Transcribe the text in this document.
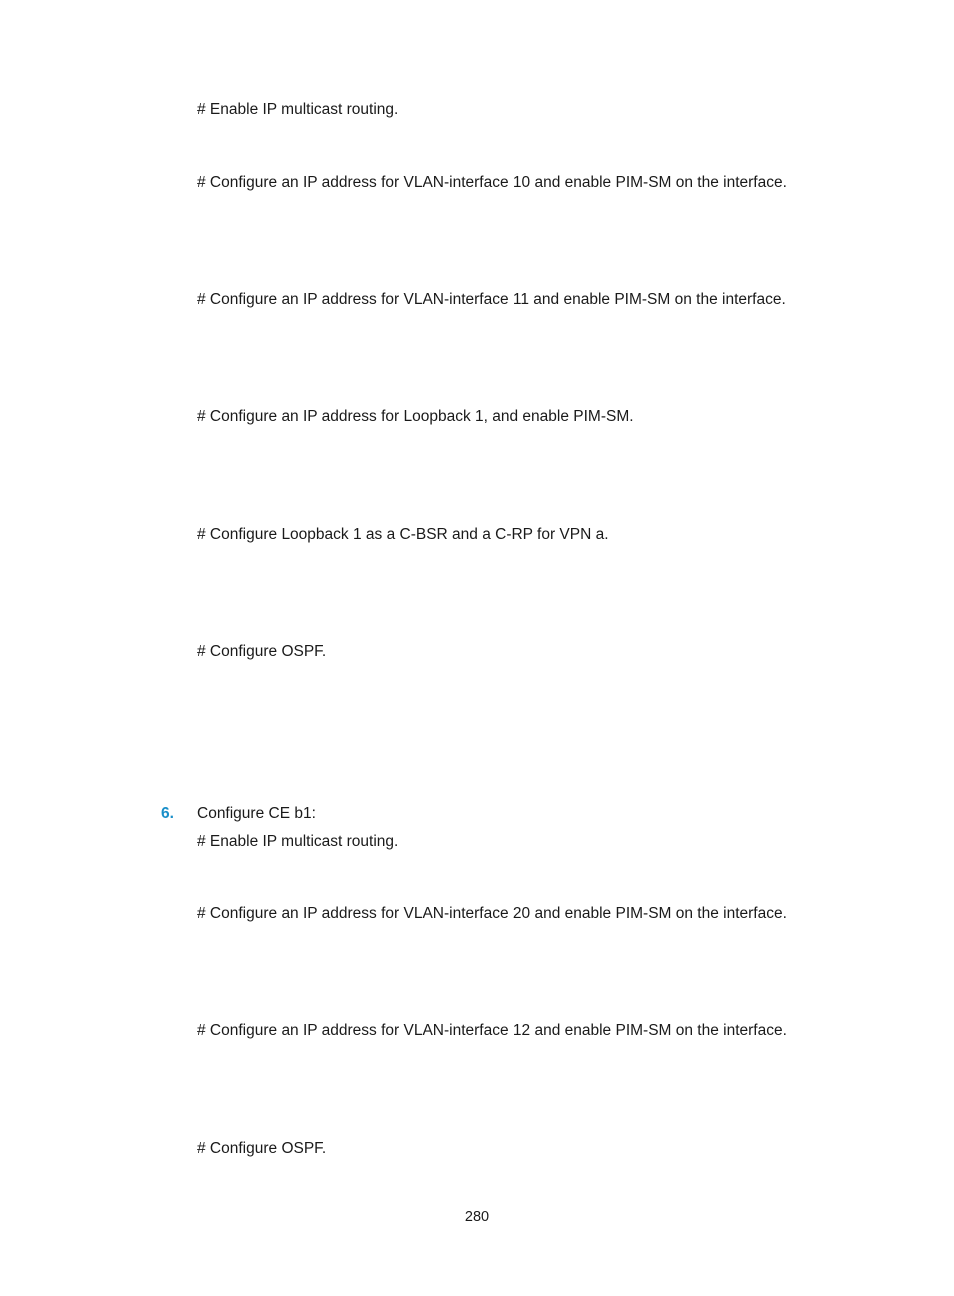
# Enable IP multicast routing.
# Configure an IP address for VLAN-interface 10 and enable PIM-SM on the interface.
# Configure an IP address for VLAN-interface 11 and enable PIM-SM on the interface.
# Configure an IP address for Loopback 1, and enable PIM-SM.
# Configure Loopback 1 as a C-BSR and a C-RP for VPN a.
# Configure OSPF.
6. Configure CE b1:
# Enable IP multicast routing.
# Configure an IP address for VLAN-interface 20 and enable PIM-SM on the interface.
# Configure an IP address for VLAN-interface 12 and enable PIM-SM on the interface.
# Configure OSPF.
280
